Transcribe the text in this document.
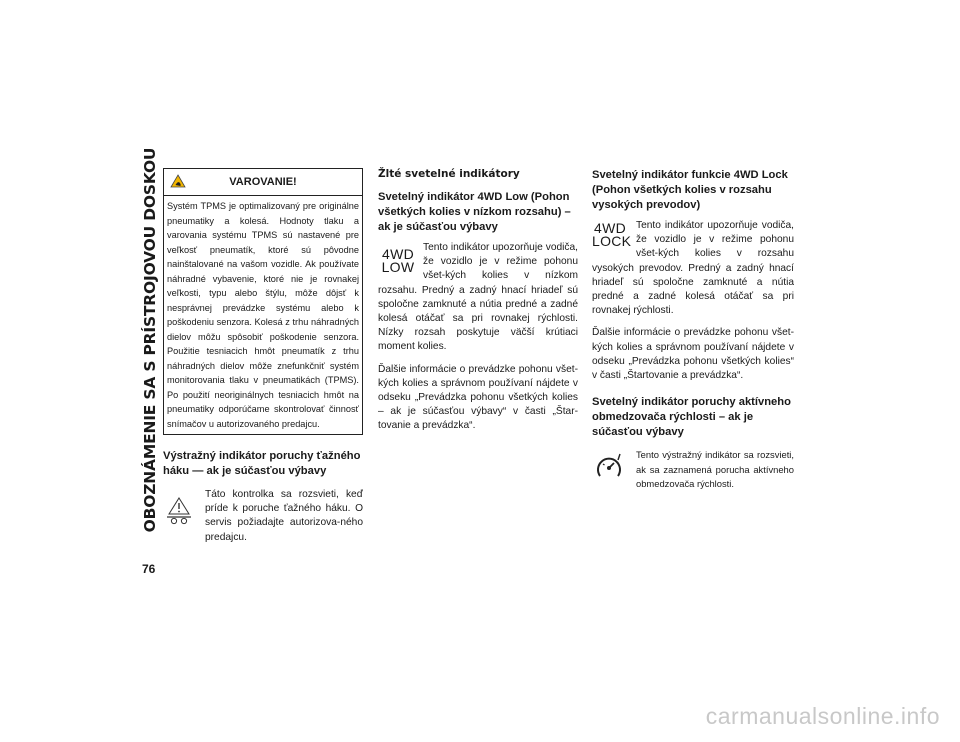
OBOZNÁMENIE SA S PRÍSTROJOVOU DOSKOU
76
VAROVANIE!
Systém TPMS je optimalizovaný pre originálne pneumatiky a kolesá. Hodnoty tlaku a varovania systému TPMS sú nastavené pre veľkosť pneumatík, ktoré sú pôvodne nainštalované na vašom vozidle. Ak používate náhradné vybavenie, ktoré nie je rovnakej veľkosti, typu alebo štýlu, môže dôjsť k nesprávnej prevádzke systému alebo k poškodeniu senzora. Kolesá z trhu náhradných dielov môžu spôsobiť poškodenie senzora. Použitie tesniacich hmôt pneumatík z trhu náhradných dielov môže znefunkčniť systém monitorovania tlaku v pneumatikách (TPMS). Po použití neoriginálnych tesniacich hmôt na pneumatiky odporúčame skontrolovať činnosť snímačov u autorizovaného predajcu.
Výstražný indikátor poruchy ťažného háku — ak je súčasťou výbavy

Táto kontrolka sa rozsvieti, keď príde k poruche ťažného háku. O servis požiadajte autorizova-ného predajcu.

Žlté svetelné indikátory
Svetelný indikátor 4WD Low (Pohon všetkých kolies v nízkom rozsahu) – ak je súčasťou výbavy
4WD
LOW

Tento indikátor upozorňuje vodiča, že vozidlo je v režime pohonu všet-kých kolies v nízkom rozsahu. Predný a zadný hnací hriadeľ sú spoločne zamknuté a nútia predné a zadné kolesá otáčať sa pri rovnakej rýchlosti. Nízky rozsah poskytuje väčší krútiaci moment kolies.

Ďalšie informácie o prevádzke pohonu všet-kých kolies a správnom používaní nájdete v odseku „Prevádzka pohonu všetkých kolies – ak je súčasťou výbavy“ v časti „Štar-tovanie a prevádzka“.

Svetelný indikátor funkcie 4WD Lock (Pohon všetkých kolies v rozsahu vysokých prevodov)
4WD
LOCK

Tento indikátor upozorňuje vodiča, že vozidlo je v režime pohonu všet-kých kolies v rozsahu vysokých prevodov. Predný a zadný hnací hriadeľ sú spoločne zamknuté a nútia predné a zadné kolesá otáčať sa pri rovnakej rýchlosti.

Ďalšie informácie o prevádzke pohonu všet-kých kolies a správnom používaní nájdete v odseku „Prevádzka pohonu všetkých kolies“ v časti „Štartovanie a prevádzka“.

Svetelný indikátor poruchy aktívneho obmedzovača rýchlosti – ak je súčasťou výbavy

Tento výstražný indikátor sa rozsvieti, ak sa zaznamená porucha aktívneho obmedzovača rýchlosti.

carmanualsonline.info
